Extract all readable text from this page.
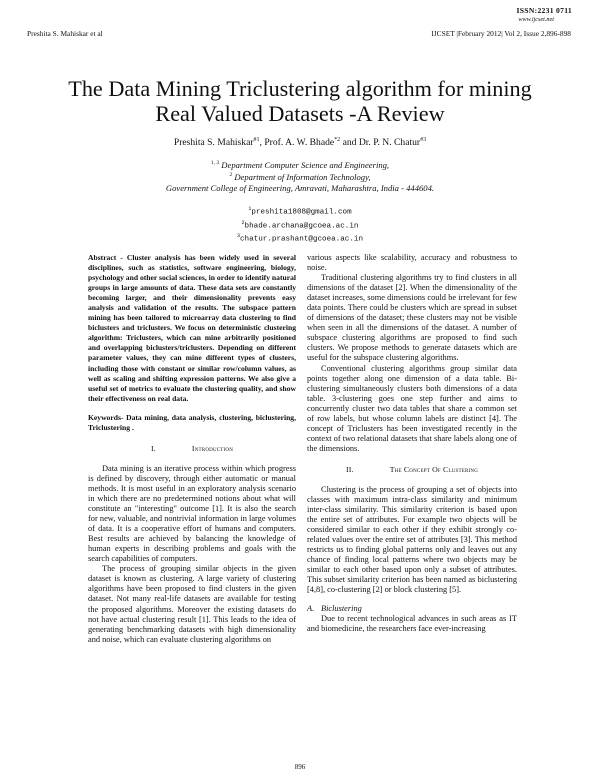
ISSN:2231 0711
www.ijcset.net
Preshita S. Mahiskar et al	IJCSET |February 2012| Vol 2, Issue 2,896-898
The Data Mining Triclustering algorithm for mining
Real Valued Datasets -A Review
Preshita S. Mahiskar$^{\#1}$, Prof. A. W. Bhade$^{*2}$ and Dr. P. N. Chatur$^{\#3}$
$^{1, 3}$ Department Computer Science and Engineering,
$^2$ Department of Information Technology,
Government College of Engineering, Amravati, Maharashtra, India - 444604.
$^1$preshita1808@gmail.com
$^2$bhade.archana@gcoea.ac.in
$^3$chatur.prashant@gcoea.ac.in
Abstract - Cluster analysis has been widely used in several disciplines, such as statistics, software engineering, biology, psychology and other social sciences, in order to identify natural groups in large amounts of data. These data sets are constantly becoming larger, and their dimensionality prevents easy analysis and validation of the results. The subspace pattern mining has been tailored to microarray data clustering to find biclusters and triclusters. We focus on deterministic clustering algorithm: Triclusters, which can mine arbitrarily positioned and overlapping biclusters/triclusters. Depending on different parameter values, they can mine different types of clusters, including those with constant or similar row/column values, as well as scaling and shifting expression patterns. We also give a useful set of metrics to evaluate the clustering quality, and show their effectiveness on real data.
Keywords- Data mining, data analysis, clustering, biclustering, Triclustering .
I.	Introduction

Data mining is an iterative process within which progress is defined by discovery, through either automatic or manual methods. It is most useful in an exploratory analysis scenario in which there are no predetermined notions about what will constitute an "interesting" outcome [1]. It is also the search for new, valuable, and nontrivial information in large volumes of data. It is a cooperative effort of humans and computers. Best results are achieved by balancing the knowledge of human experts in describing problems and goals with the search capabilities of computers.

The process of grouping similar objects in the given dataset is known as clustering. A large variety of clustering algorithms have been proposed to find clusters in the given dataset. Not many real-life datasets are available for testing the proposed algorithms. Moreover the existing datasets do not have actual clustering result [1]. This leads to the idea of generating benchmarking datasets with high dimensionality and noise, which can evaluate clustering algorithms on

various aspects like scalability, accuracy and robustness to noise.

Traditional clustering algorithms try to find clusters in all dimensions of the dataset [2]. When the dimensionality of the dataset increases, some dimensions could be irrelevant for few data points. There could be clusters which are spread in subset of dimensions of the dataset; these clusters may not be visible when seen in all the dimensions of the dataset. A number of subspace clustering algorithms are proposed to find such clusters. We propose methods to generate datasets which are useful for the subspace clustering algorithms.

Conventional clustering algorithms group similar data points together along one dimension of a data table. Bi-clustering simultaneously clusters both dimensions of a data table. 3-clustering goes one step further and aims to concurrently cluster two data tables that share a common set of row labels, but whose column labels are distinct [4]. The concept of Triclusters has been investigated recently in the context of two relational datasets that share labels along one of the dimensions.

II.	The Concept Of Clustering

Clustering is the process of grouping a set of objects into classes with maximum intra-class similarity and minimum inter-class similarity. This similarity criterion is based upon the entire set of attributes. For example two objects will be considered similar to each other if they exhibit strongly co-related values over the entire set of attributes [3]. This method restricts us to finding global patterns only and leaves out any chance of finding local patterns where two objects may be similar to each other based upon only a subset of attributes. This subset similarity criterion has been named as biclustering [4,8], co-clustering [2] or block clustering [5].

A. Biclustering

Due to recent technological advances in such areas as IT and biomedicine, the researchers face ever-increasing

896
